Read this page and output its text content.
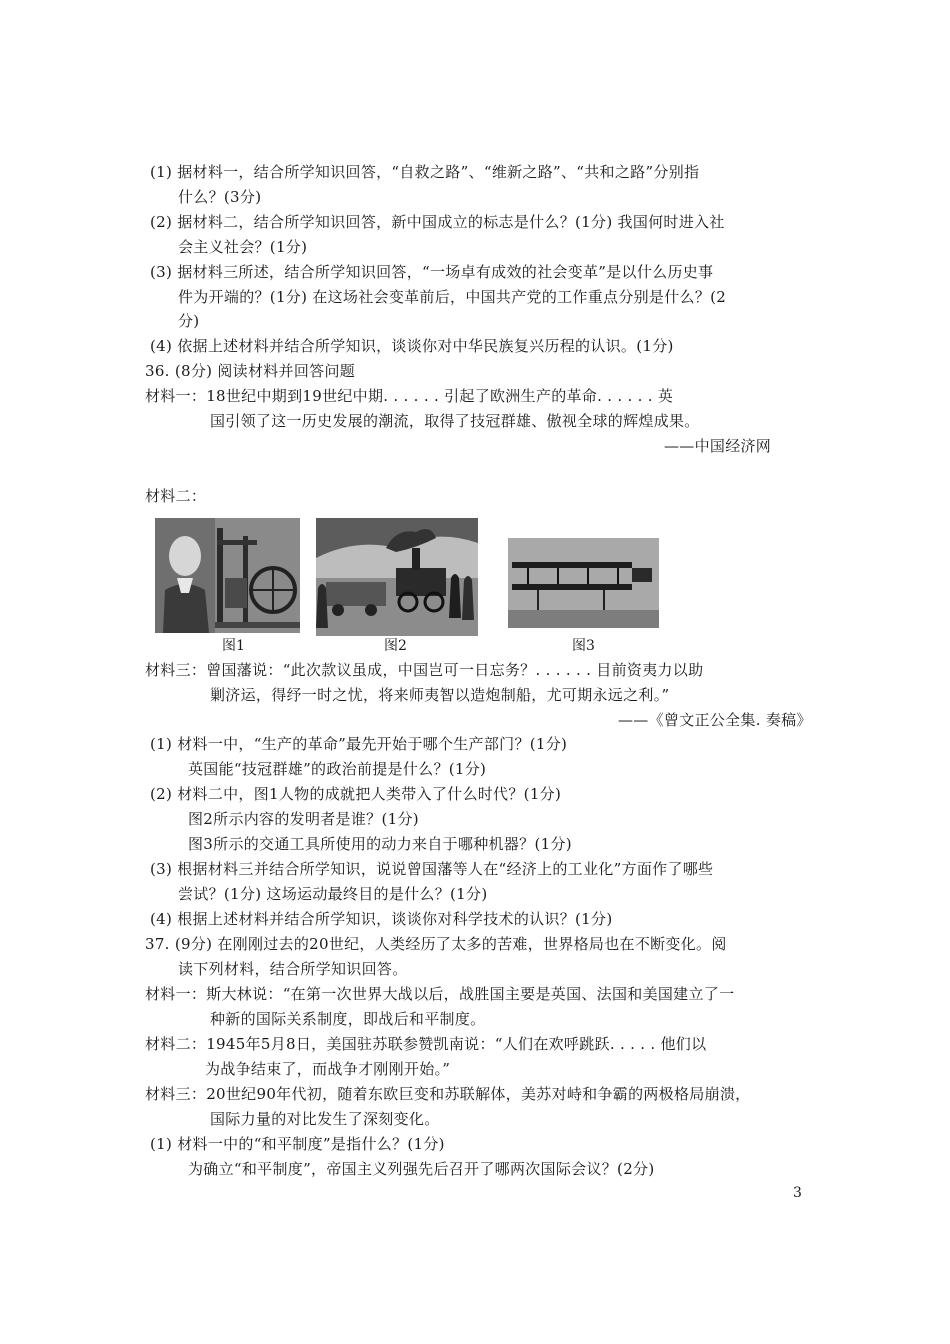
(1) 据材料一，结合所学知识回答，“自救之路”、“维新之路”、“共和之路”分别指
什么？(3分)
(2) 据材料二，结合所学知识回答，新中国成立的标志是什么？(1分) 我国何时进入社
会主义社会？(1分)
(3) 据材料三所述，结合所学知识回答，“一场卓有成效的社会变革”是以什么历史事
件为开端的？(1分) 在这场社会变革前后，中国共产党的工作重点分别是什么？(2
分)
(4) 依据上述材料并结合所学知识，谈谈你对中华民族复兴历程的认识。(1分)
36. (8分) 阅读材料并回答问题
材料一：18世纪中期到19世纪中期. . . . . . 引起了欧洲生产的革命. . . . . . 英
国引领了这一历史发展的潮流，取得了技冠群雄、傲视全球的辉煌成果。
——中国经济网
材料二：
图1	图2	图3
材料三：曾国藩说：“此次款议虽成，中国岂可一日忘务？. . . . . . 目前资夷力以助
剿济运，得纾一时之忧，将来师夷智以造炮制船，尤可期永远之利。”
——《曾文正公全集. 奏稿》
(1) 材料一中，“生产的革命”最先开始于哪个生产部门？(1分)
英国能“技冠群雄”的政治前提是什么？(1分)
(2) 材料二中，图1人物的成就把人类带入了什么时代？(1分)
图2所示内容的发明者是谁？(1分)
图3所示的交通工具所使用的动力来自于哪种机器？(1分)
(3) 根据材料三并结合所学知识，说说曾国藩等人在“经济上的工业化”方面作了哪些
尝试？(1分) 这场运动最终目的是什么？(1分)
(4) 根据上述材料并结合所学知识，谈谈你对科学技术的认识？(1分)
37. (9分) 在刚刚过去的20世纪，人类经历了太多的苦难，世界格局也在不断变化。阅
读下列材料，结合所学知识回答。
材料一：斯大林说：“在第一次世界大战以后，战胜国主要是英国、法国和美国建立了一
种新的国际关系制度，即战后和平制度。
材料二：1945年5月8日，美国驻苏联参赞凯南说：“人们在欢呼跳跃. . . . . 他们以
为战争结束了，而战争才刚刚开始。”
材料三：20世纪90年代初，随着东欧巨变和苏联解体，美苏对峙和争霸的两极格局崩溃，
国际力量的对比发生了深刻变化。
(1) 材料一中的“和平制度”是指什么？(1分)
为确立“和平制度”，帝国主义列强先后召开了哪两次国际会议？(2分)
3
